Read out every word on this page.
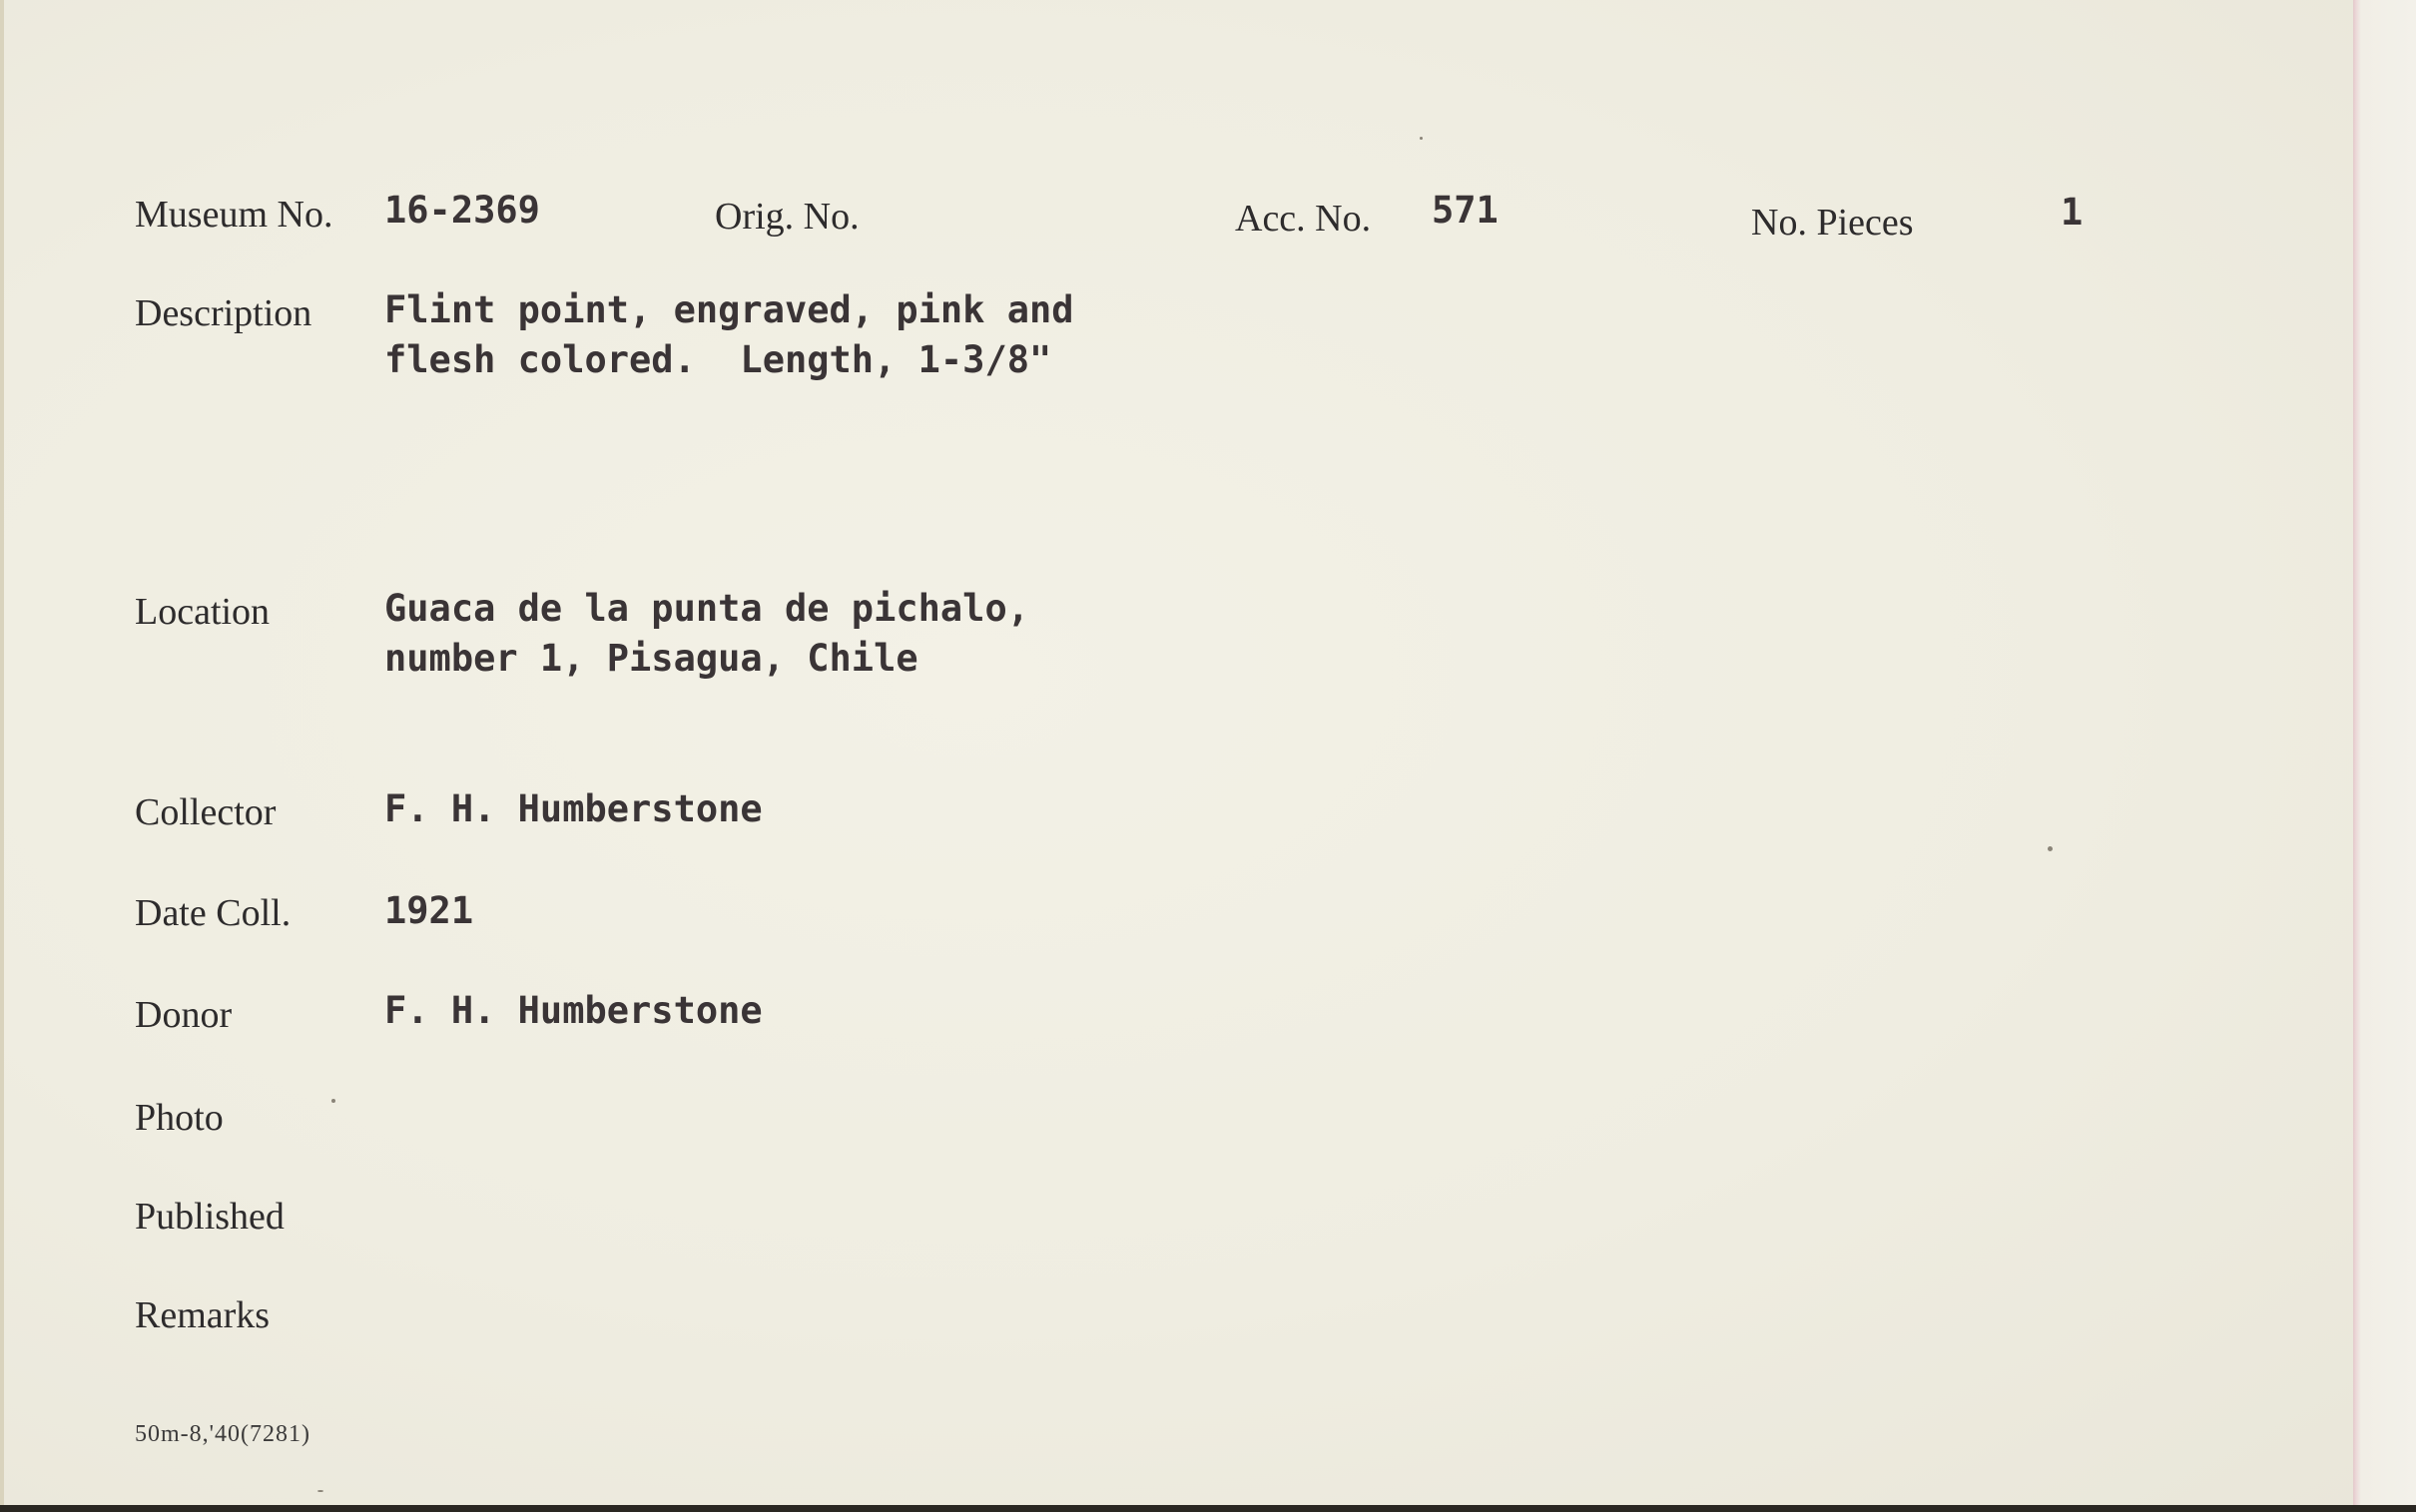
Museum No. 16-2369	Orig. No.	Acc. No. 571	No. Pieces	1
Description Flint point, engraved, pink and
flesh colored.  Length, 1-3/8"
Location	Guaca de la punta de pichalo,
number 1, Pisagua, Chile
Collector	F. H. Humberstone
Date Coll.	1921
Donor	F. H. Humberstone
Photo
Published
Remarks
50m-8,'40(7281)
